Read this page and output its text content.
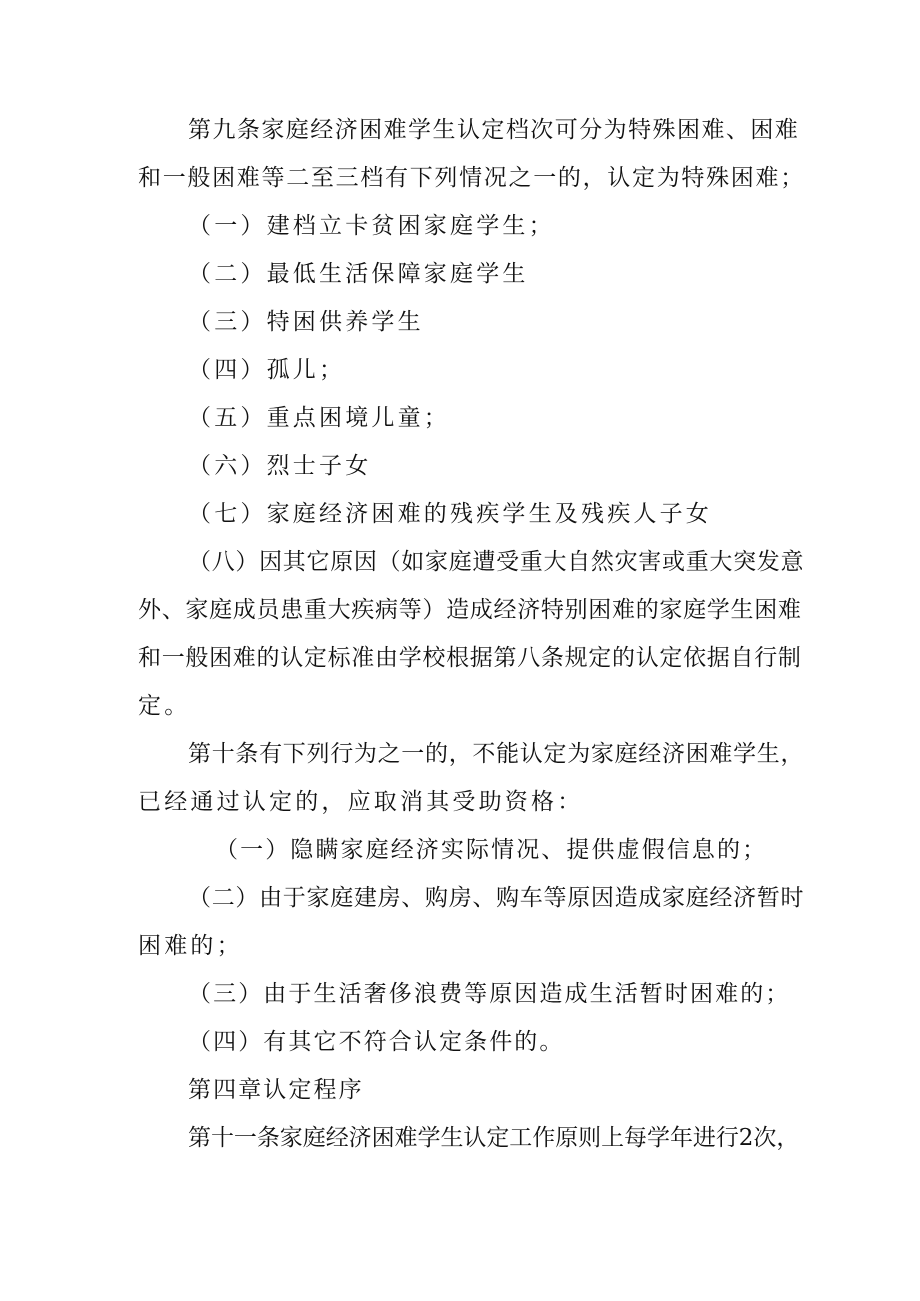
第九条家庭经济困难学生认定档次可分为特殊困难、困难
和一般困难等二至三档有下列情况之一的，认定为特殊困难；
（一）建档立卡贫困家庭学生；
（二）最低生活保障家庭学生
（三）特困供养学生
（四）孤儿；
（五）重点困境儿童；
（六）烈士子女
（七）家庭经济困难的残疾学生及残疾人子女
（八）因其它原因（如家庭遭受重大自然灾害或重大突发意
外、家庭成员患重大疾病等）造成经济特别困难的家庭学生困难
和一般困难的认定标准由学校根据第八条规定的认定依据自行制
定。
第十条有下列行为之一的，不能认定为家庭经济困难学生，
已经通过认定的，应取消其受助资格：
（一）隐瞒家庭经济实际情况、提供虚假信息的；
（二）由于家庭建房、购房、购车等原因造成家庭经济暂时
困难的；
（三）由于生活奢侈浪费等原因造成生活暂时困难的；
（四）有其它不符合认定条件的。
第四章认定程序
第十一条家庭经济困难学生认定工作原则上每学年进行2次，
